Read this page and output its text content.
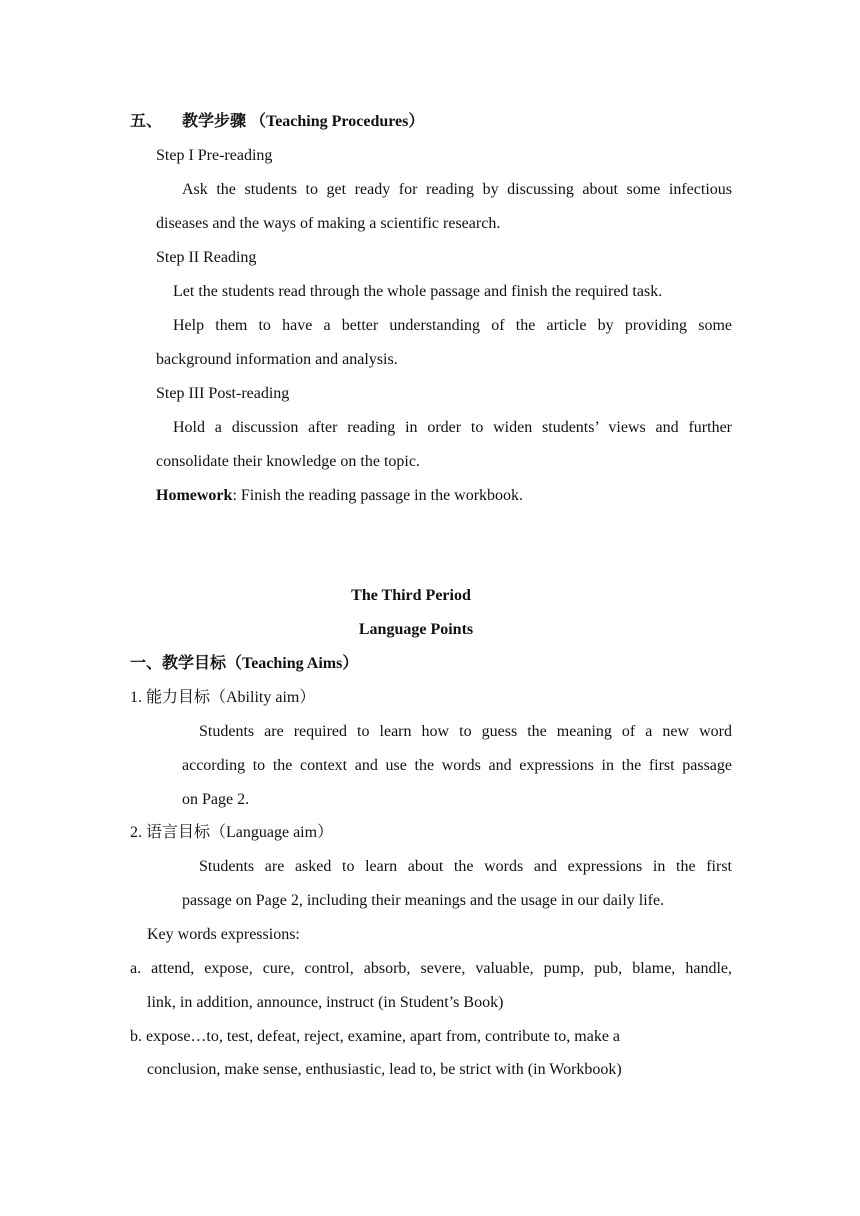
五、 教学步骤 （Teaching Procedures）
Step I Pre-reading
Ask the students to get ready for reading by discussing about some infectious
diseases and the ways of making a scientific research.
Step II Reading
Let the students read through the whole passage and finish the required task.
Help them to have a better understanding of the article by providing some
background information and analysis.
Step III Post-reading
Hold a discussion after reading in order to widen students’ views and further
consolidate their knowledge on the topic.
Homework: Finish the reading passage in the workbook.
The Third Period
Language Points
一、教学目标（Teaching Aims）
1. 能力目标（Ability aim）
Students are required to learn how to guess the meaning of a new word
according to the context and use the words and expressions in the first passage
on Page 2.
2. 语言目标（Language aim）
Students are asked to learn about the words and expressions in the first
passage on Page 2, including their meanings and the usage in our daily life.
Key words expressions:
a. attend, expose, cure, control, absorb, severe, valuable, pump, pub, blame, handle,
link, in addition, announce, instruct (in Student’s Book)
b. expose…to, test, defeat, reject, examine, apart from, contribute to, make a
conclusion, make sense, enthusiastic, lead to, be strict with (in Workbook)
